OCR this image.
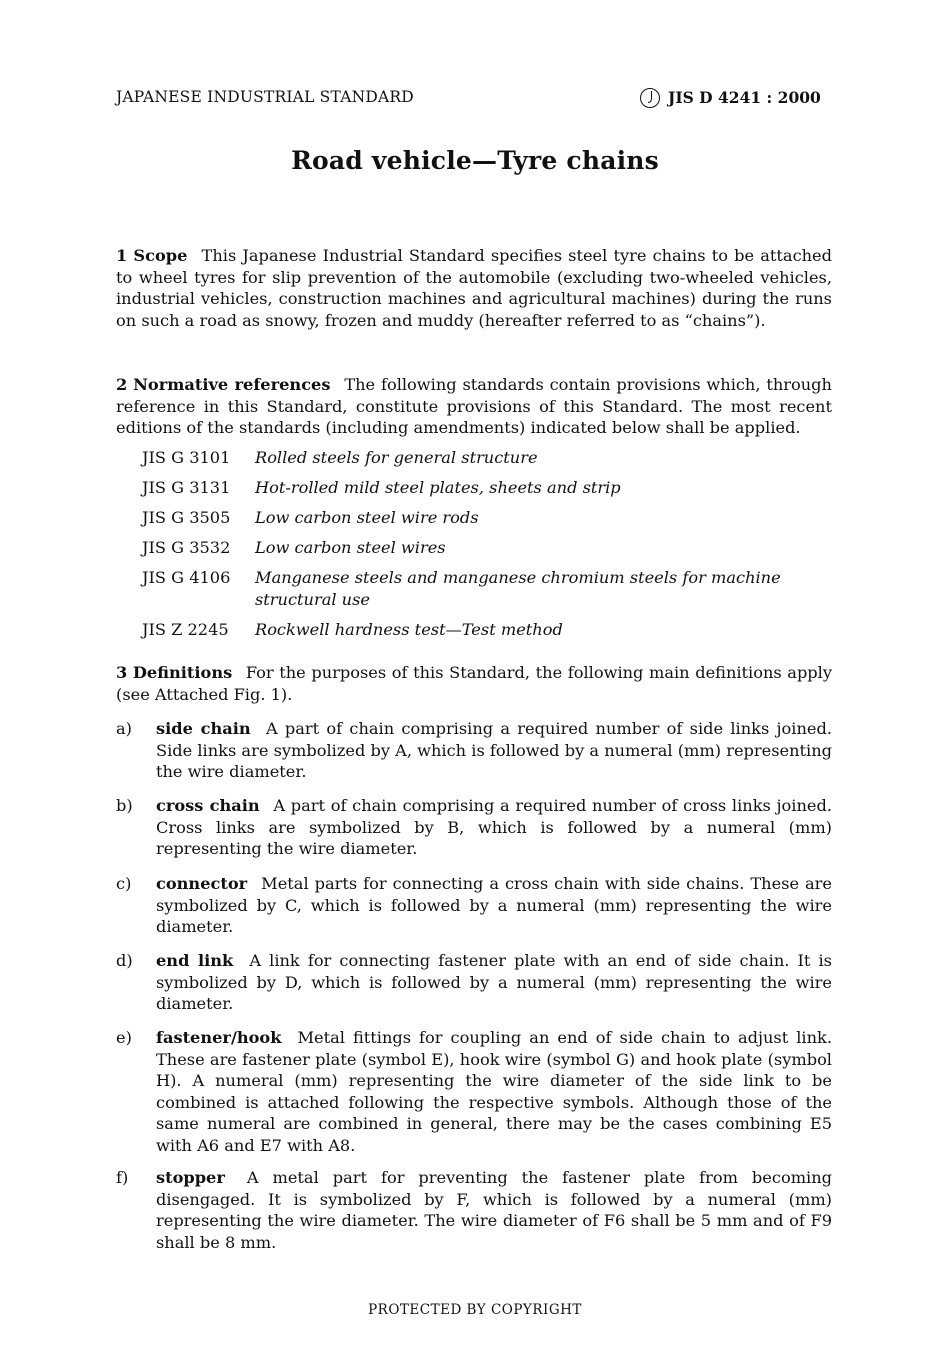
JAPANESE INDUSTRIAL STANDARD	JIS D 4241 : 2000
Road vehicle—Tyre chains
1 Scope This Japanese Industrial Standard specifies steel tyre chains to be attached to wheel tyres for slip prevention of the automobile (excluding two-wheeled vehicles, industrial vehicles, construction machines and agricultural machines) during the runs on such a road as snowy, frozen and muddy (hereafter referred to as “chains”).
2 Normative references The following standards contain provisions which, through reference in this Standard, constitute provisions of this Standard. The most recent editions of the standards (including amendments) indicated below shall be applied.
JIS G 3101	Rolled steels for general structure
JIS G 3131	Hot-rolled mild steel plates, sheets and strip
JIS G 3505	Low carbon steel wire rods
JIS G 3532	Low carbon steel wires
JIS G 4106	Manganese steels and manganese chromium steels for machine structural use
JIS Z 2245	Rockwell hardness test—Test method
3 Definitions For the purposes of this Standard, the following main definitions apply (see Attached Fig. 1).
a)	side chain A part of chain comprising a required number of side links joined. Side links are symbolized by A, which is followed by a numeral (mm) representing the wire diameter.
b)	cross chain A part of chain comprising a required number of cross links joined. Cross links are symbolized by B, which is followed by a numeral (mm) representing the wire diameter.
c)	connector Metal parts for connecting a cross chain with side chains. These are symbolized by C, which is followed by a numeral (mm) representing the wire diameter.
d)	end link A link for connecting fastener plate with an end of side chain. It is symbolized by D, which is followed by a numeral (mm) representing the wire diameter.
e)	fastener/hook Metal fittings for coupling an end of side chain to adjust link. These are fastener plate (symbol E), hook wire (symbol G) and hook plate (symbol H). A numeral (mm) representing the wire diameter of the side link to be combined is attached following the respective symbols. Although those of the same numeral are combined in general, there may be the cases combining E5 with A6 and E7 with A8.
f)	stopper A metal part for preventing the fastener plate from becoming disengaged. It is symbolized by F, which is followed by a numeral (mm) representing the wire diameter. The wire diameter of F6 shall be 5 mm and of F9 shall be 8 mm.
PROTECTED BY COPYRIGHT
